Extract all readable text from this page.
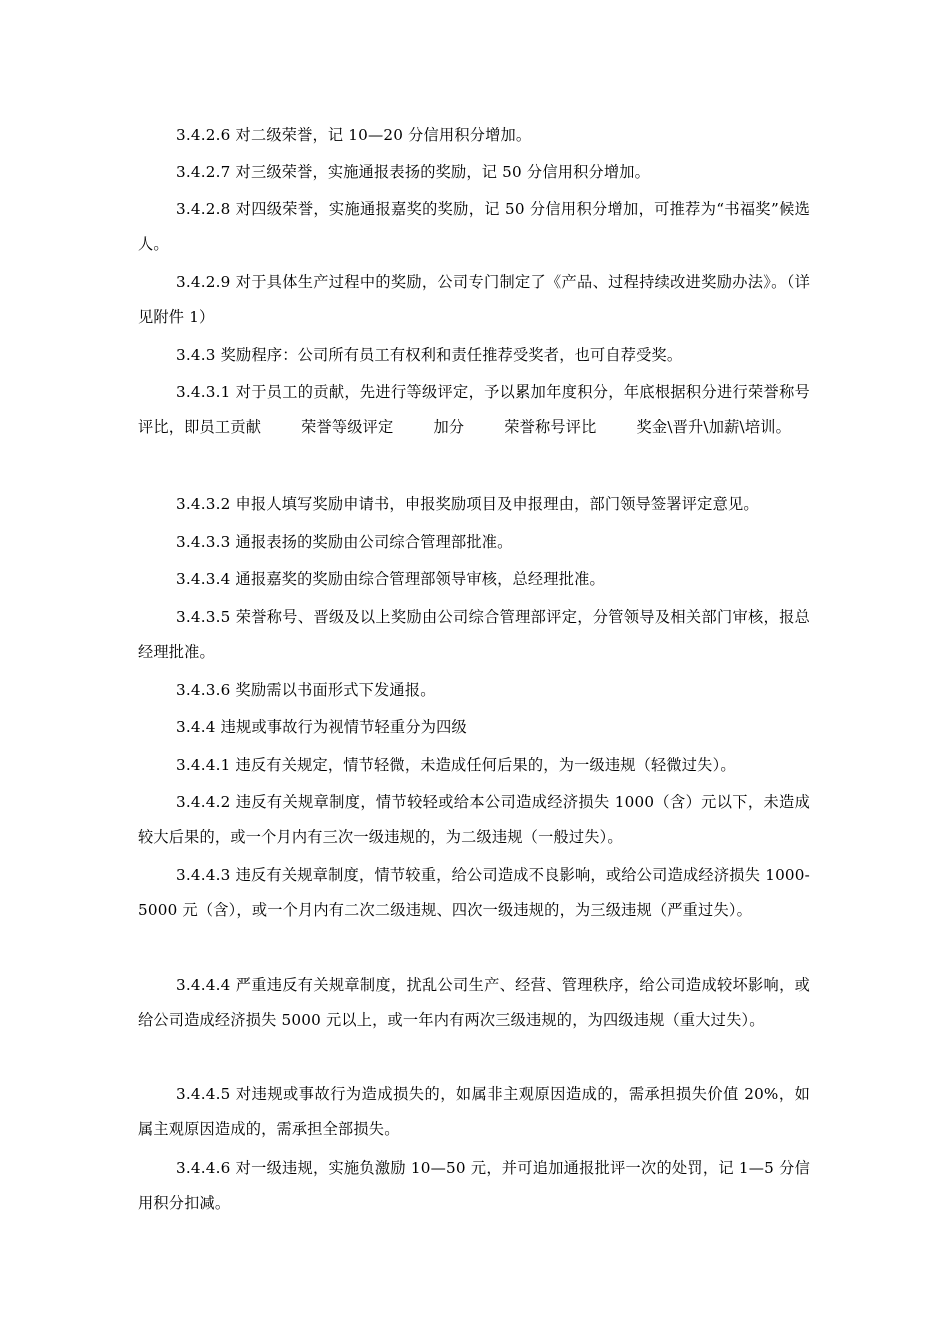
3.4.2.6 对二级荣誉，记 10—20 分信用积分增加。

3.4.2.7 对三级荣誉，实施通报表扬的奖励，记 50 分信用积分增加。

3.4.2.8 对四级荣誉，实施通报嘉奖的奖励，记 50 分信用积分增加，可推荐为“书福奖”候选人。

3.4.2.9 对于具体生产过程中的奖励，公司专门制定了《产品、过程持续改进奖励办法》。（详见附件 1）

3.4.3 奖励程序：公司所有员工有权利和责任推荐受奖者，也可自荐受奖。

3.4.3.1 对于员工的贡献，先进行等级评定，予以累加年度积分，年底根据积分进行荣誉称号评比，即员工贡献	荣誉等级评定	加分	荣誉称号评比	奖金\晋升\加薪\培训。

3.4.3.2 申报人填写奖励申请书，申报奖励项目及申报理由，部门领导签署评定意见。

3.4.3.3 通报表扬的奖励由公司综合管理部批准。

3.4.3.4 通报嘉奖的奖励由综合管理部领导审核，总经理批准。

3.4.3.5 荣誉称号、晋级及以上奖励由公司综合管理部评定，分管领导及相关部门审核，报总经理批准。

3.4.3.6 奖励需以书面形式下发通报。

3.4.4 违规或事故行为视情节轻重分为四级

3.4.4.1 违反有关规定，情节轻微，未造成任何后果的，为一级违规（轻微过失）。

3.4.4.2 违反有关规章制度，情节较轻或给本公司造成经济损失 1000（含）元以下，未造成较大后果的，或一个月内有三次一级违规的，为二级违规（一般过失）。

3.4.4.3 违反有关规章制度，情节较重，给公司造成不良影响，或给公司造成经济损失 1000-5000 元（含），或一个月内有二次二级违规、四次一级违规的，为三级违规（严重过失）。

3.4.4.4 严重违反有关规章制度，扰乱公司生产、经营、管理秩序，给公司造成较坏影响，或给公司造成经济损失 5000 元以上，或一年内有两次三级违规的，为四级违规（重大过失）。

3.4.4.5 对违规或事故行为造成损失的，如属非主观原因造成的，需承担损失价值 20%，如属主观原因造成的，需承担全部损失。

3.4.4.6 对一级违规，实施负激励 10—50 元，并可追加通报批评一次的处罚，记 1—5 分信用积分扣减。
